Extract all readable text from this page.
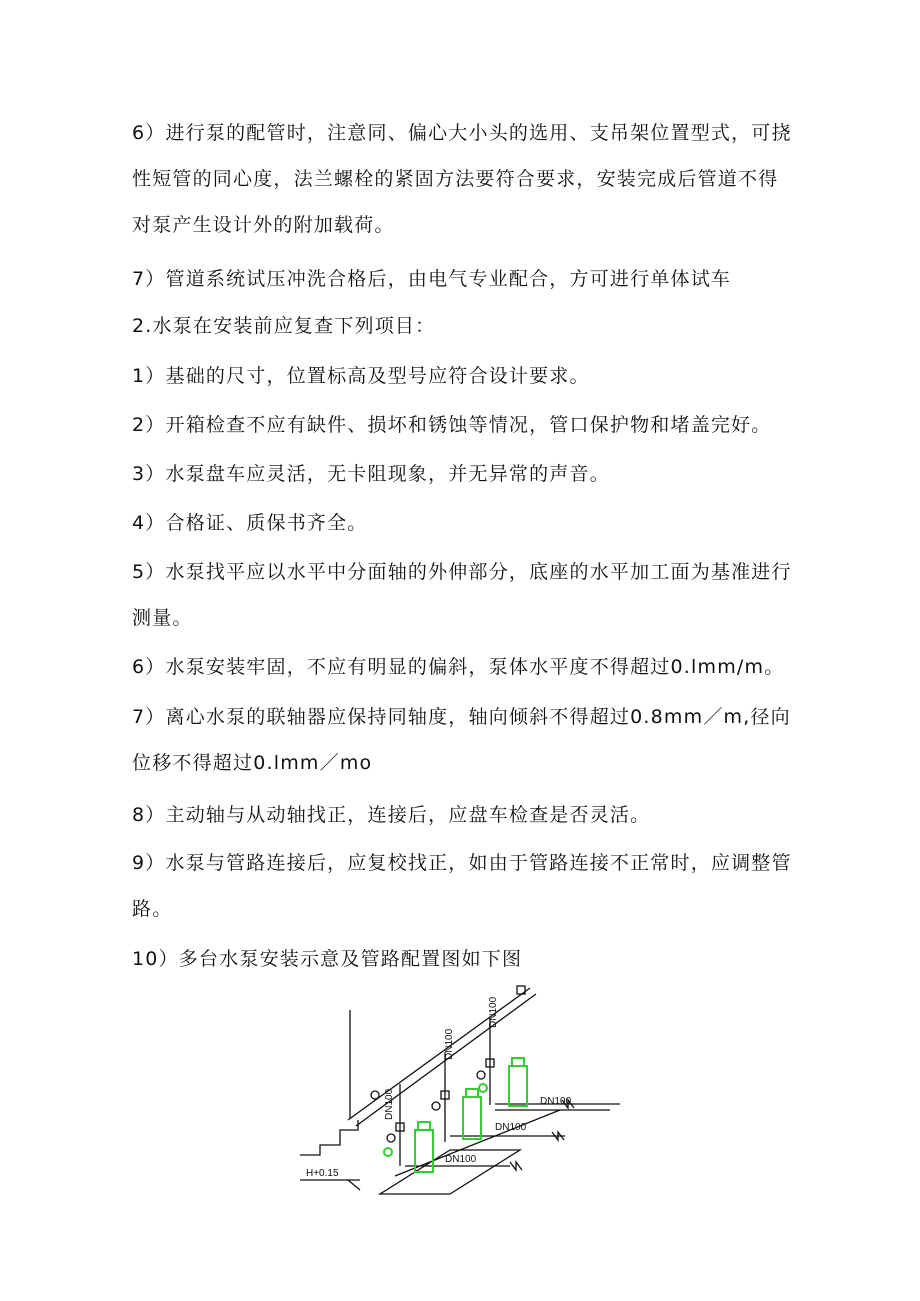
6）进行泵的配管时，注意同、偏心大小头的选用、支吊架位置型式，可挠性短管的同心度，法兰螺栓的紧固方法要符合要求，安装完成后管道不得对泵产生设计外的附加载荷。

7）管道系统试压冲洗合格后，由电气专业配合，方可进行单体试车

2.水泵在安装前应复查下列项目：

1）基础的尺寸，位置标高及型号应符合设计要求。

2）开箱检查不应有缺件、损坏和锈蚀等情况，管口保护物和堵盖完好。

3）水泵盘车应灵活，无卡阻现象，并无异常的声音。

4）合格证、质保书齐全。

5）水泵找平应以水平中分面轴的外伸部分，底座的水平加工面为基准进行测量。

6）水泵安装牢固，不应有明显的偏斜，泵体水平度不得超过0.lmm/m。

7）离心水泵的联轴器应保持同轴度，轴向倾斜不得超过0.8mm／m,径向位移不得超过0.lmm／mo

8）主动轴与从动轴找正，连接后，应盘车检查是否灵活。

9）水泵与管路连接后，应复校找正，如由于管路连接不正常时，应调整管路。

10）多台水泵安装示意及管路配置图如下图

DN100
DN100
DN100	DN100
DN100
DN100
H+0.15
